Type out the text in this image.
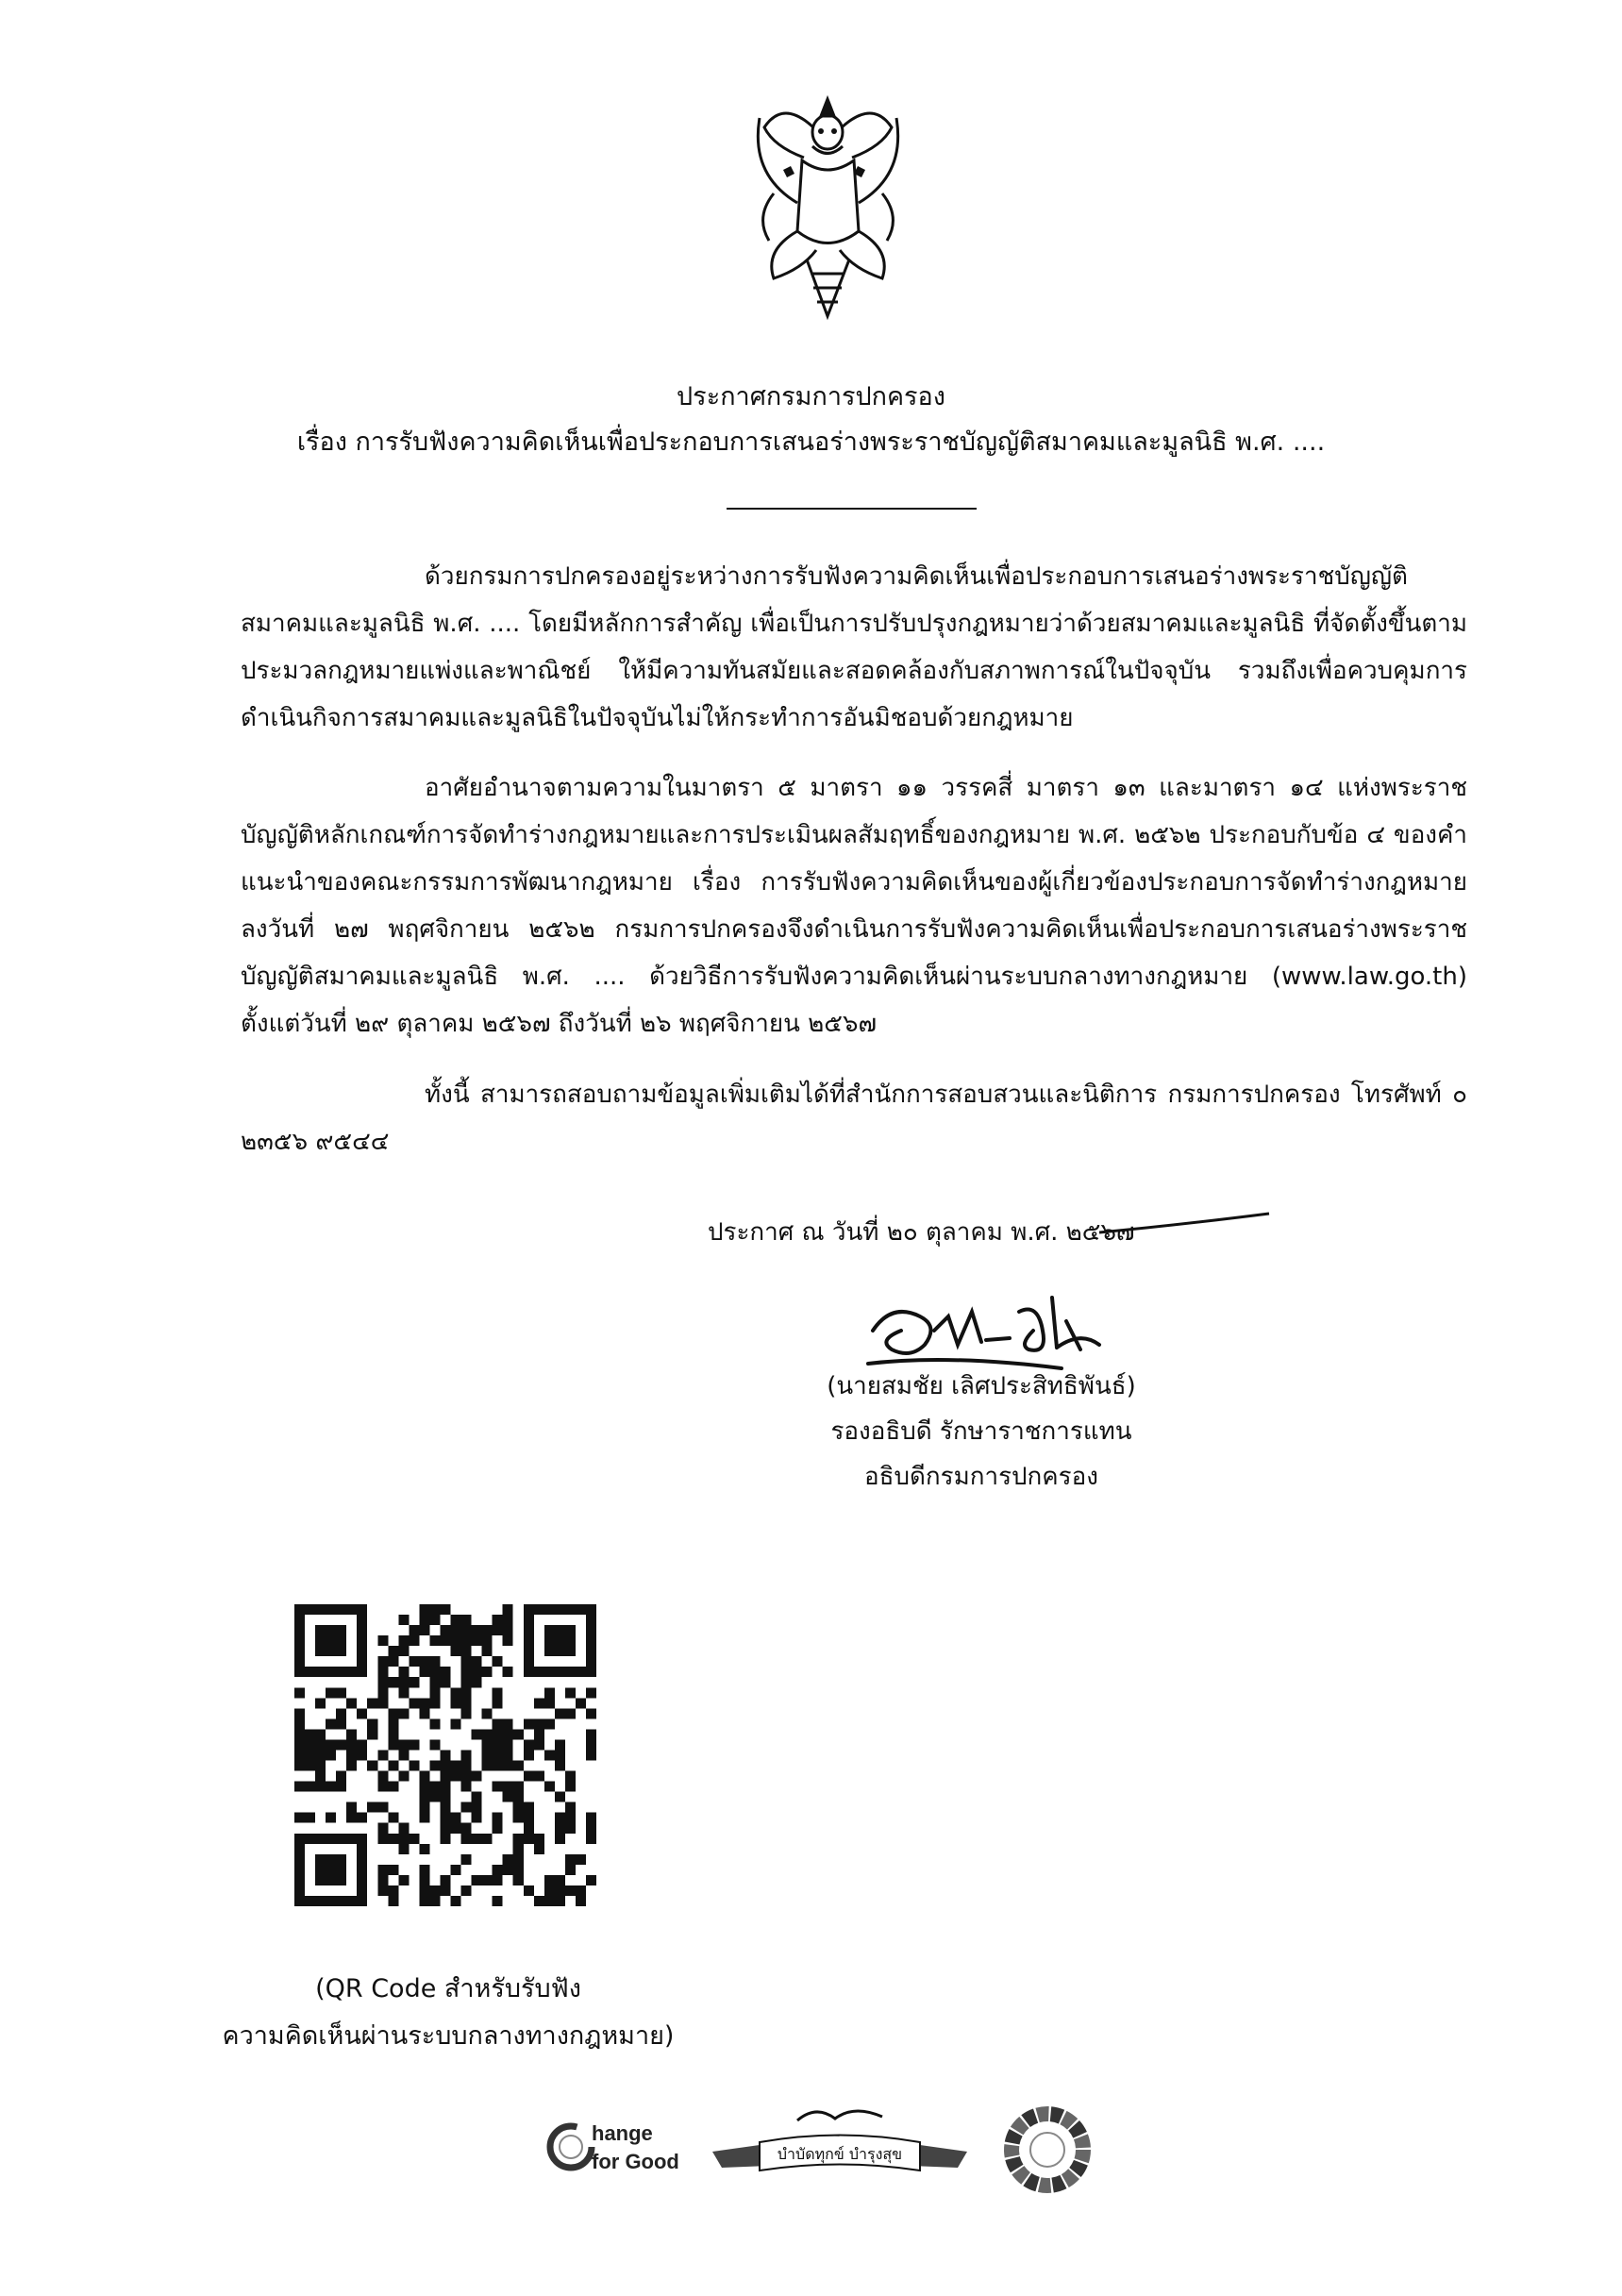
ประกาศกรมการปกครอง
เรื่อง การรับฟังความคิดเห็นเพื่อประกอบการเสนอร่างพระราชบัญญัติสมาคมและมูลนิธิ พ.ศ. ....
ด้วยกรมการปกครองอยู่ระหว่างการรับฟังความคิดเห็นเพื่อประกอบการเสนอร่างพระราชบัญญัติสมาคมและมูลนิธิ พ.ศ. .... โดยมีหลักการสำคัญ เพื่อเป็นการปรับปรุงกฎหมายว่าด้วยสมาคมและมูลนิธิ ที่จัดตั้งขึ้นตามประมวลกฎหมายแพ่งและพาณิชย์ ให้มีความทันสมัยและสอดคล้องกับสภาพการณ์ในปัจจุบัน รวมถึงเพื่อควบคุมการดำเนินกิจการสมาคมและมูลนิธิในปัจจุบันไม่ให้กระทำการอันมิชอบด้วยกฎหมาย
อาศัยอำนาจตามความในมาตรา ๕ มาตรา ๑๑ วรรคสี่ มาตรา ๑๓ และมาตรา ๑๔ แห่งพระราชบัญญัติหลักเกณฑ์การจัดทำร่างกฎหมายและการประเมินผลสัมฤทธิ์ของกฎหมาย พ.ศ. ๒๕๖๒ ประกอบกับข้อ ๔ ของคำแนะนำของคณะกรรมการพัฒนากฎหมาย เรื่อง การรับฟังความคิดเห็นของผู้เกี่ยวข้องประกอบการจัดทำร่างกฎหมาย ลงวันที่ ๒๗ พฤศจิกายน ๒๕๖๒ กรมการปกครองจึงดำเนินการรับฟังความคิดเห็นเพื่อประกอบการเสนอร่างพระราชบัญญัติสมาคมและมูลนิธิ พ.ศ. .... ด้วยวิธีการรับฟังความคิดเห็นผ่านระบบกลางทางกฎหมาย (www.law.go.th) ตั้งแต่วันที่ ๒๙ ตุลาคม ๒๕๖๗ ถึงวันที่ ๒๖ พฤศจิกายน ๒๕๖๗
ทั้งนี้ สามารถสอบถามข้อมูลเพิ่มเติมได้ที่สำนักการสอบสวนและนิติการ กรมการปกครอง โทรศัพท์ ๐ ๒๓๕๖ ๙๕๔๔
ประกาศ ณ วันที่ ๒๐ ตุลาคม พ.ศ. ๒๕๖๗
(นายสมชัย เลิศประสิทธิพันธ์)
รองอธิบดี รักษาราชการแทน
อธิบดีกรมการปกครอง
(QR Code สำหรับรับฟัง
ความคิดเห็นผ่านระบบกลางทางกฎหมาย)
hange
for Good	บำบัดทุกข์ บำรุงสุข
